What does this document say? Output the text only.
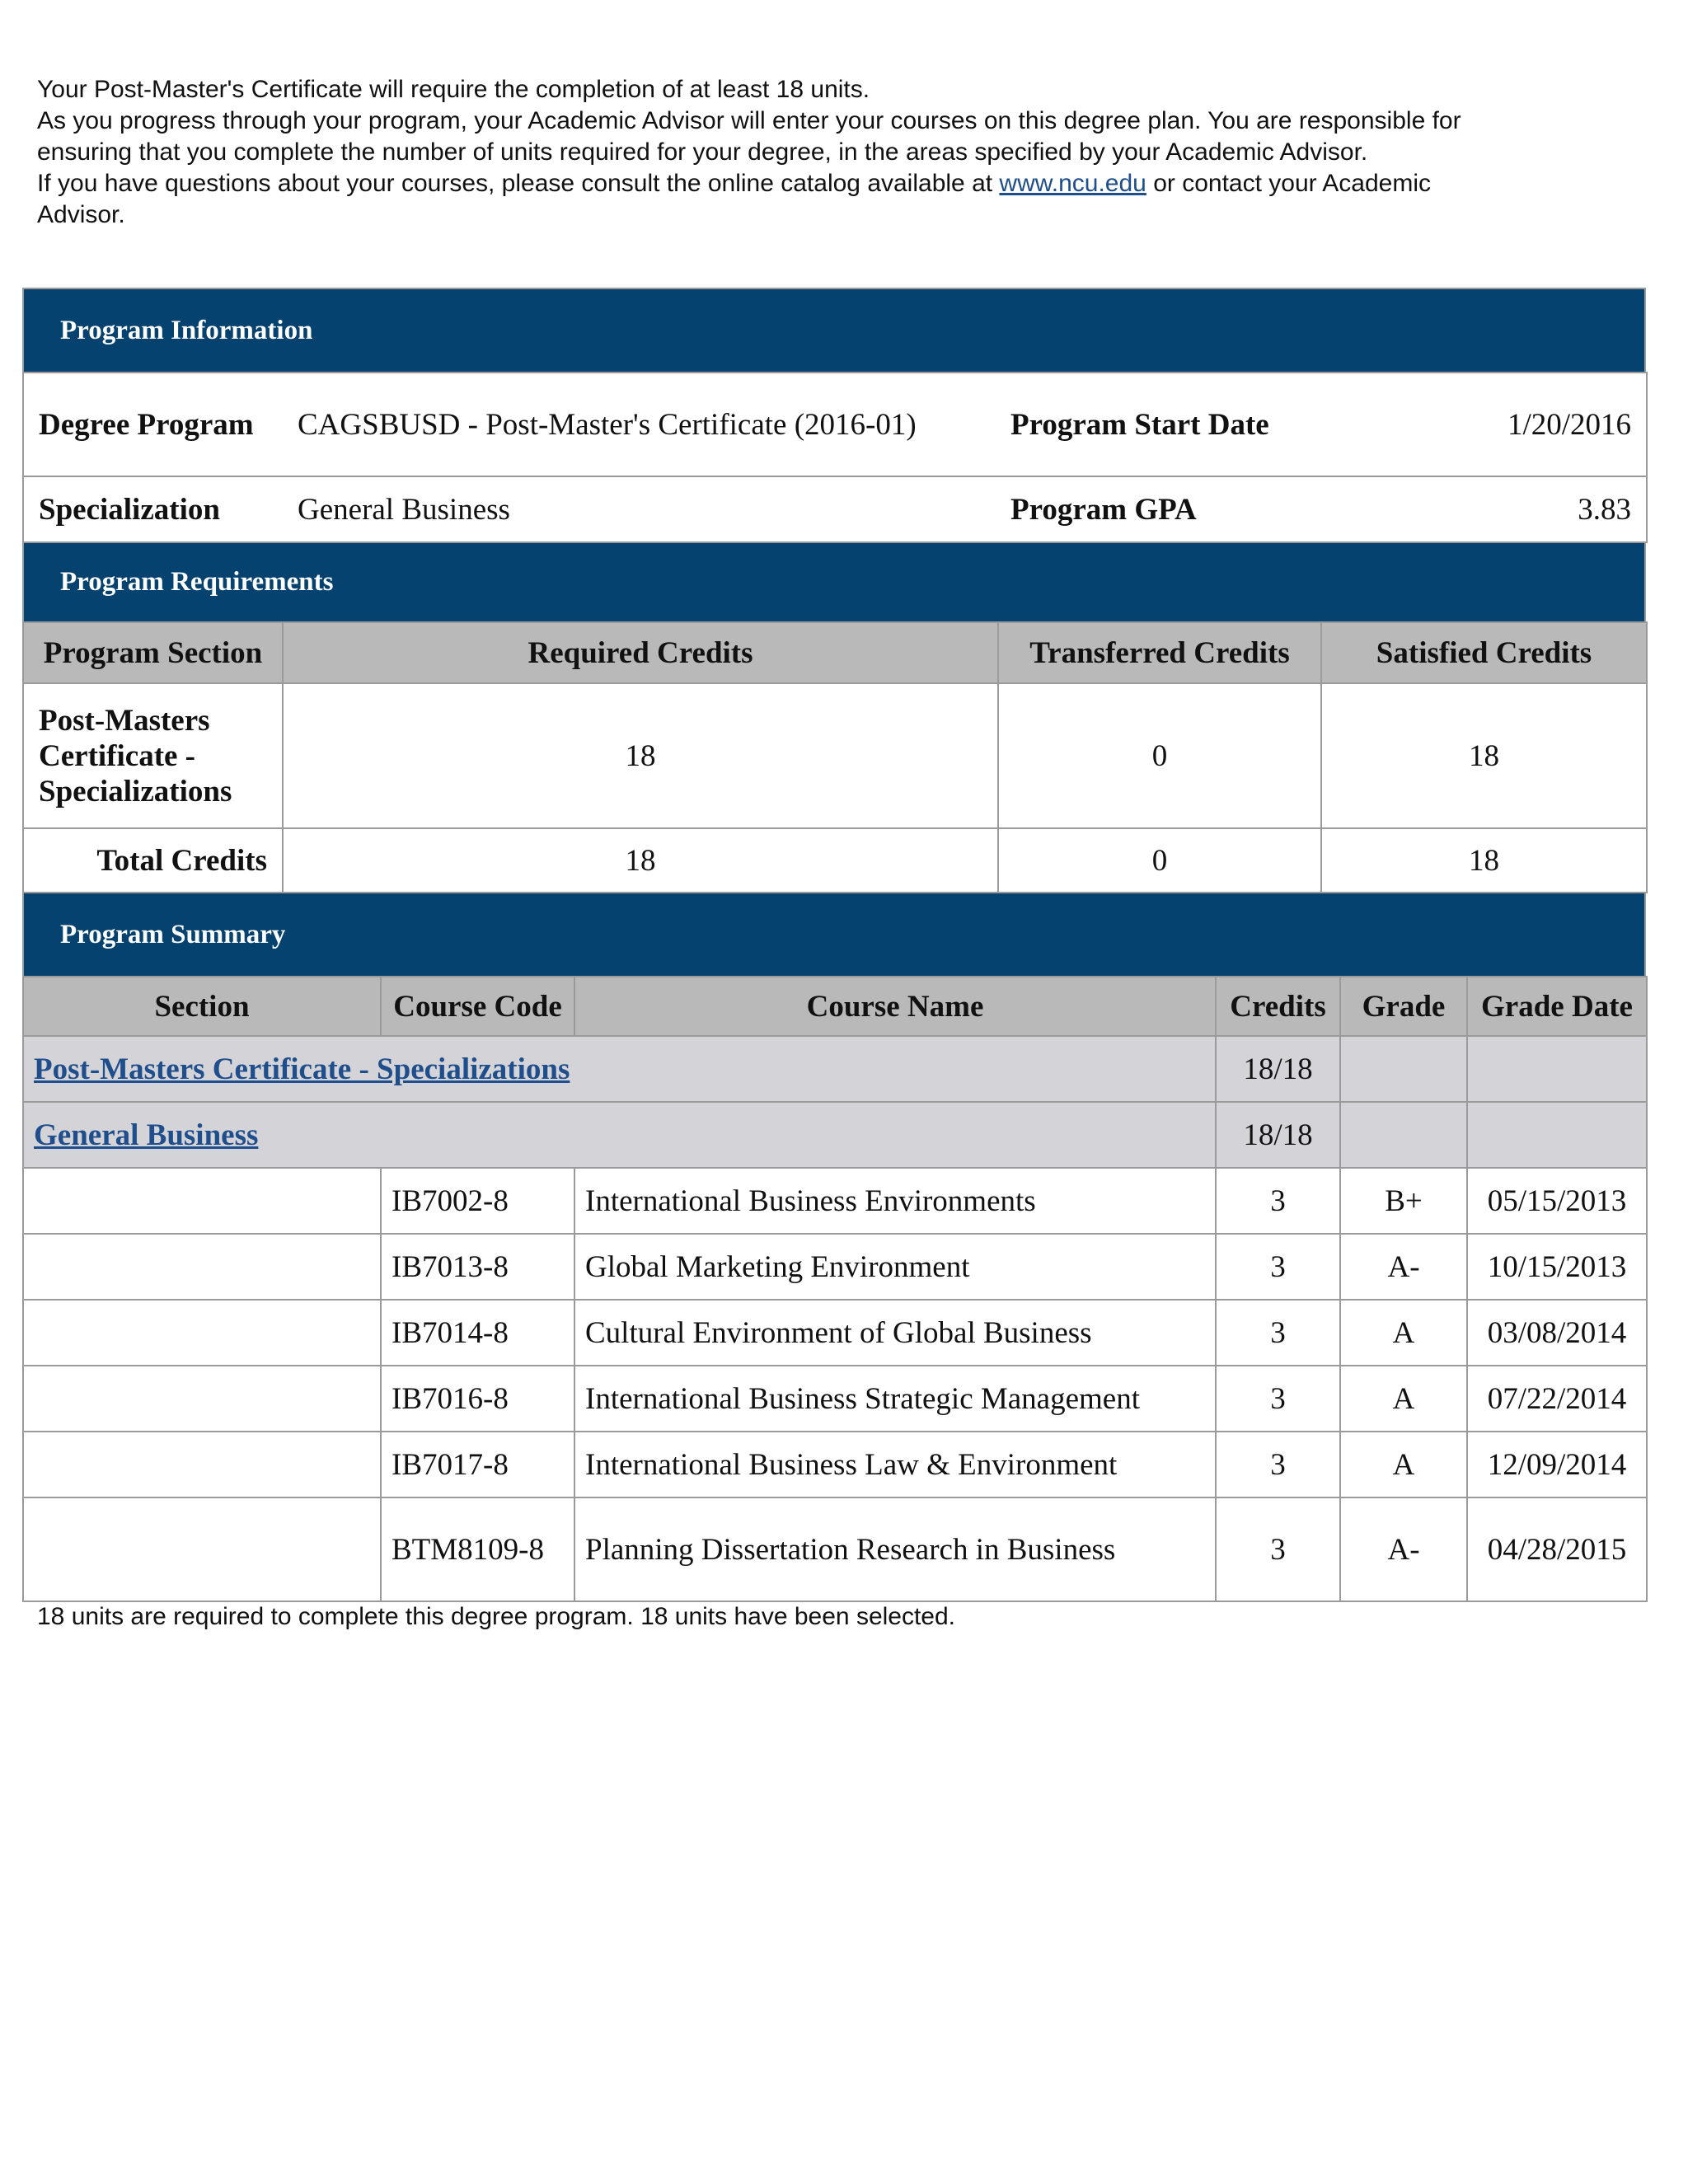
Your Post-Master's Certificate will require the completion of at least 18 units.

As you progress through your program, your Academic Advisor will enter your courses on this degree plan. You are responsible for ensuring that you complete the number of units required for your degree, in the areas specified by your Academic Advisor.

If you have questions about your courses, please consult the online catalog available at www.ncu.edu or contact your Academic Advisor.

Program Information
Degree Program	CAGSBUSD - Post-Master's Certificate (2016-01)	Program Start Date	1/20/2016
Specialization	General Business	Program GPA	3.83
Program Requirements
Program Section	Required Credits	Transferred Credits	Satisfied Credits
Post-Masters Certificate - Specializations	18	0	18
Total Credits	18	0	18
Program Summary
Section	Course Code	Course Name	Credits	Grade	Grade Date
Post-Masters Certificate - Specializations			18/18		
General Business			18/18		
	IB7002-8	International Business Environments	3	B+	05/15/2013
	IB7013-8	Global Marketing Environment	3	A-	10/15/2013
	IB7014-8	Cultural Environment of Global Business	3	A	03/08/2014
	IB7016-8	International Business Strategic Management	3	A	07/22/2014
	IB7017-8	International Business Law & Environment	3	A	12/09/2014
	BTM8109-8	Planning Dissertation Research in Business	3	A-	04/28/2015
18 units are required to complete this degree program. 18 units have been selected.
